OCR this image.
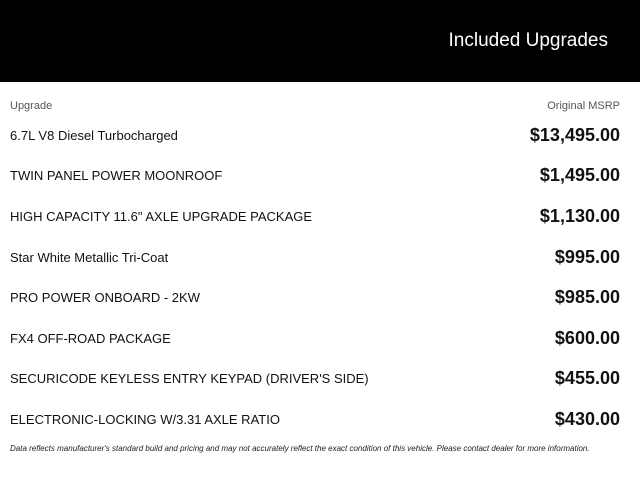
Included Upgrades
Upgrade	Original MSRP
6.7L V8 Diesel Turbocharged	$13,495.00
TWIN PANEL POWER MOONROOF	$1,495.00
HIGH CAPACITY 11.6" AXLE UPGRADE PACKAGE	$1,130.00
Star White Metallic Tri-Coat	$995.00
PRO POWER ONBOARD - 2KW	$985.00
FX4 OFF-ROAD PACKAGE	$600.00
SECURICODE KEYLESS ENTRY KEYPAD (DRIVER'S SIDE)	$455.00
ELECTRONIC-LOCKING W/3.31 AXLE RATIO	$430.00
Data reflects manufacturer's standard build and pricing and may not accurately reflect the exact condition of this vehicle. Please contact dealer for more information.
